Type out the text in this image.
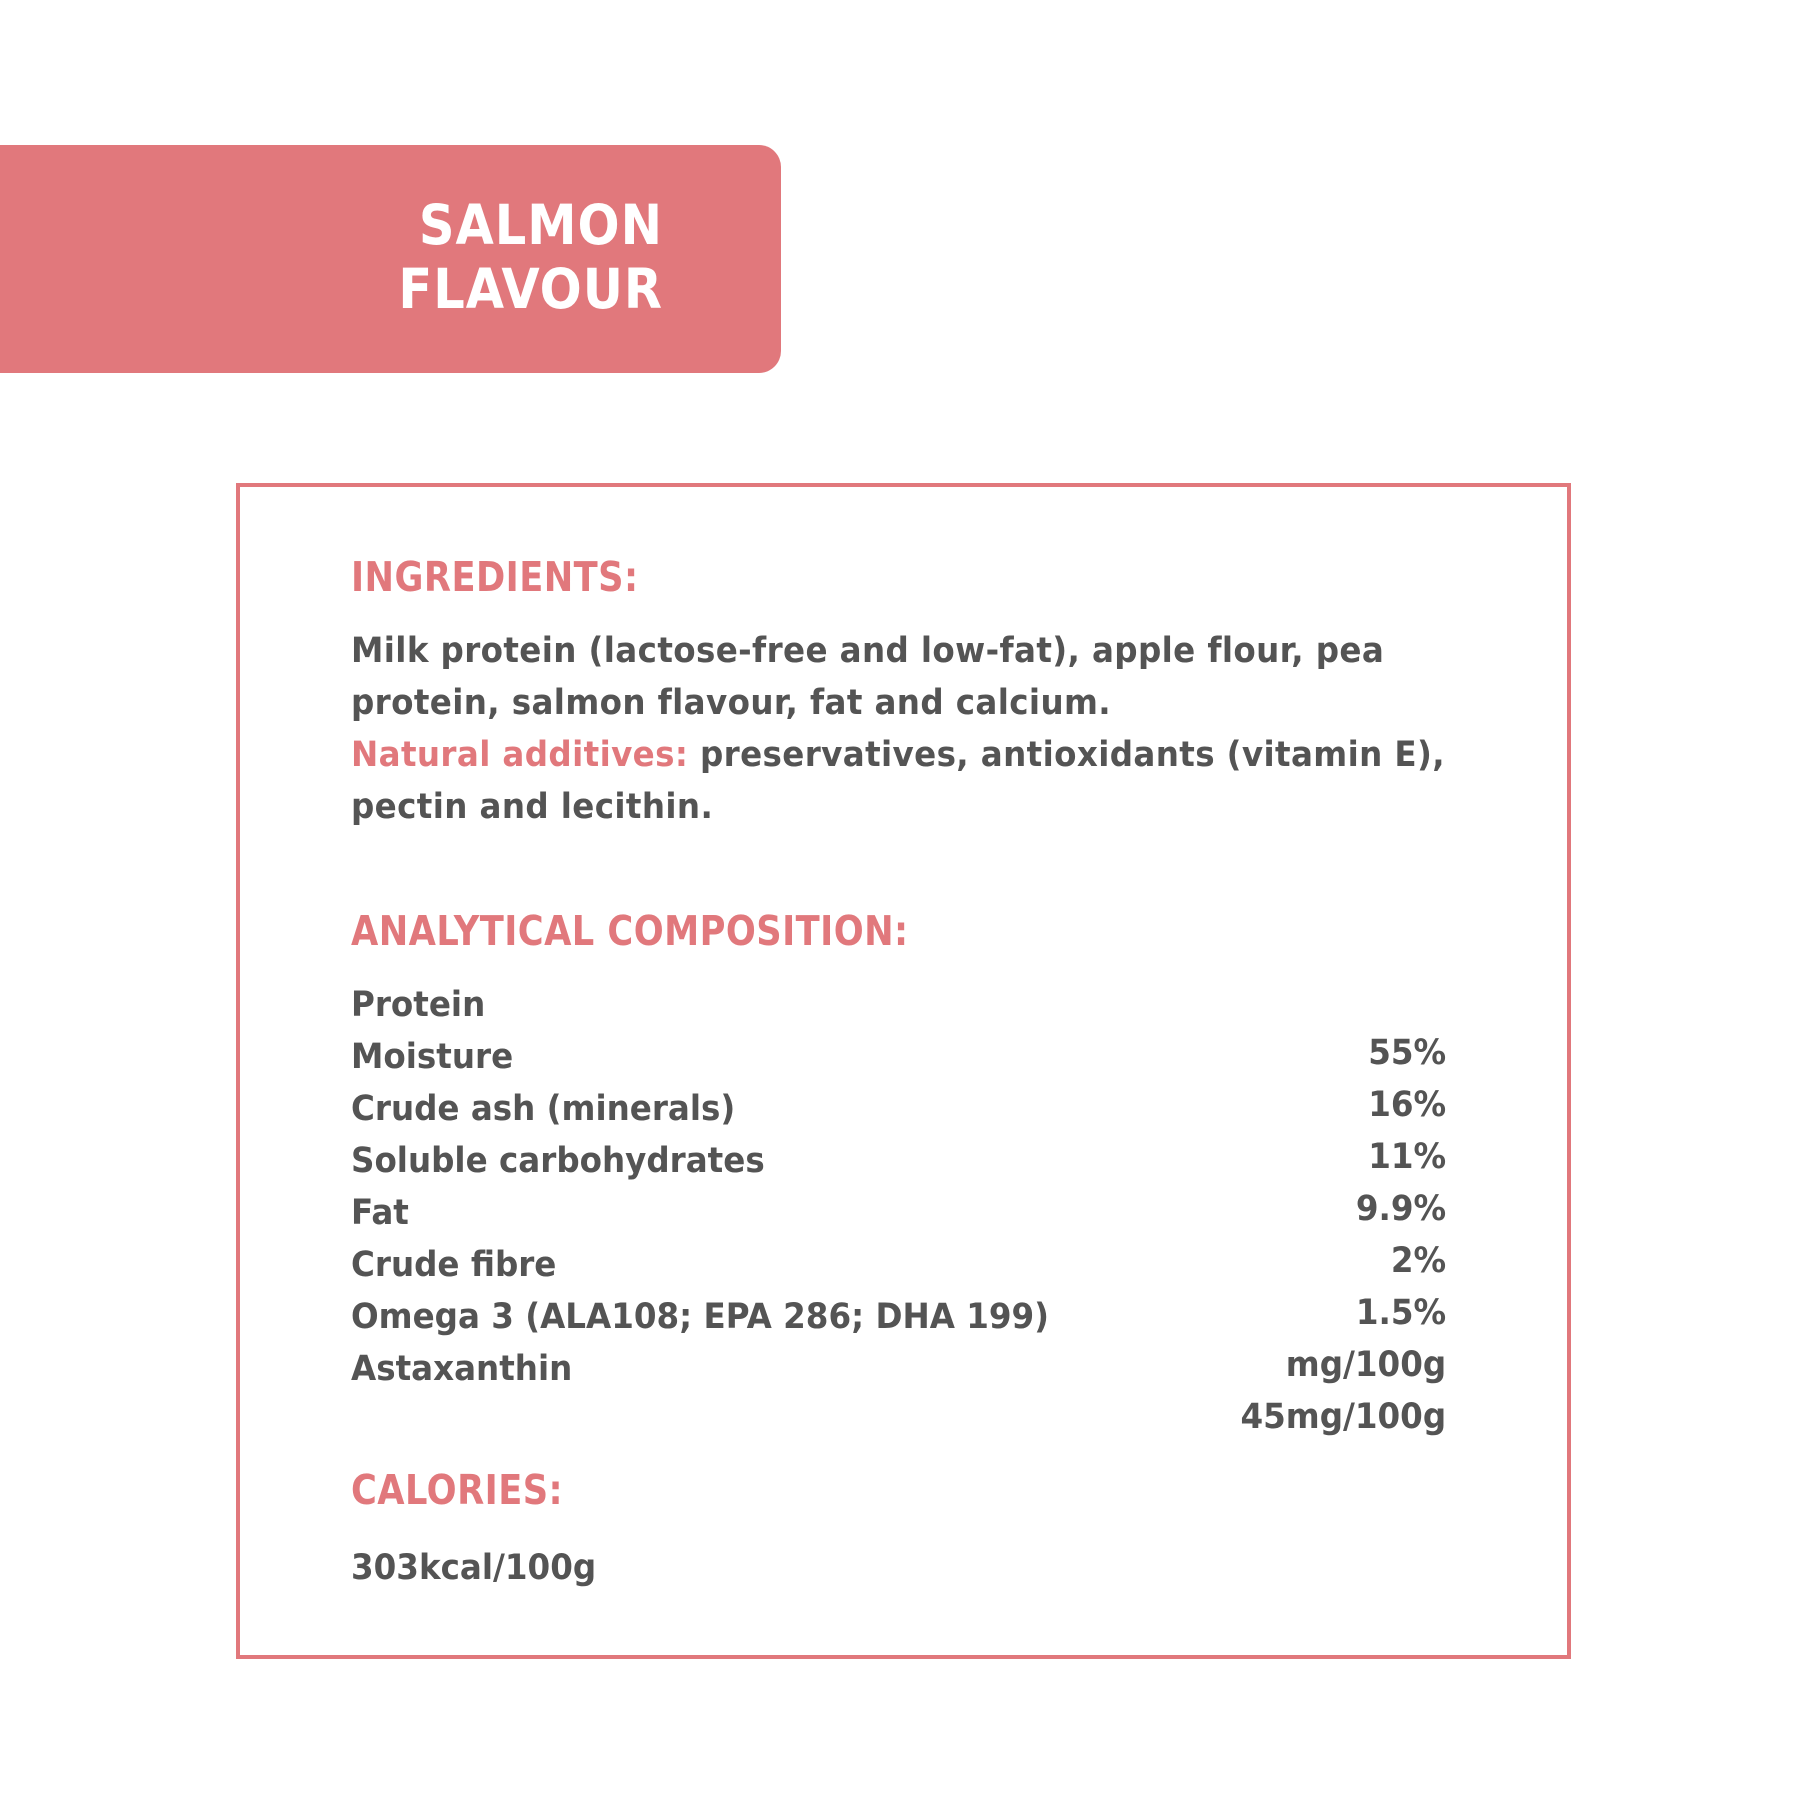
SALMON
FLAVOUR
INGREDIENTS:
Milk protein (lactose-free and low-fat), apple flour, pea
protein, salmon flavour, fat and calcium.
Natural additives: preservatives, antioxidants (vitamin E),
pectin and lecithin.
ANALYTICAL COMPOSITION:
Protein
Moisture
Crude ash (minerals)
Soluble carbohydrates
Fat
Crude fibre
Omega 3 (ALA108; EPA 286; DHA 199)
Astaxanthin
55%
16%
11%
9.9%
2%
1.5%
mg/100g
45mg/100g
CALORIES:
303kcal/100g
